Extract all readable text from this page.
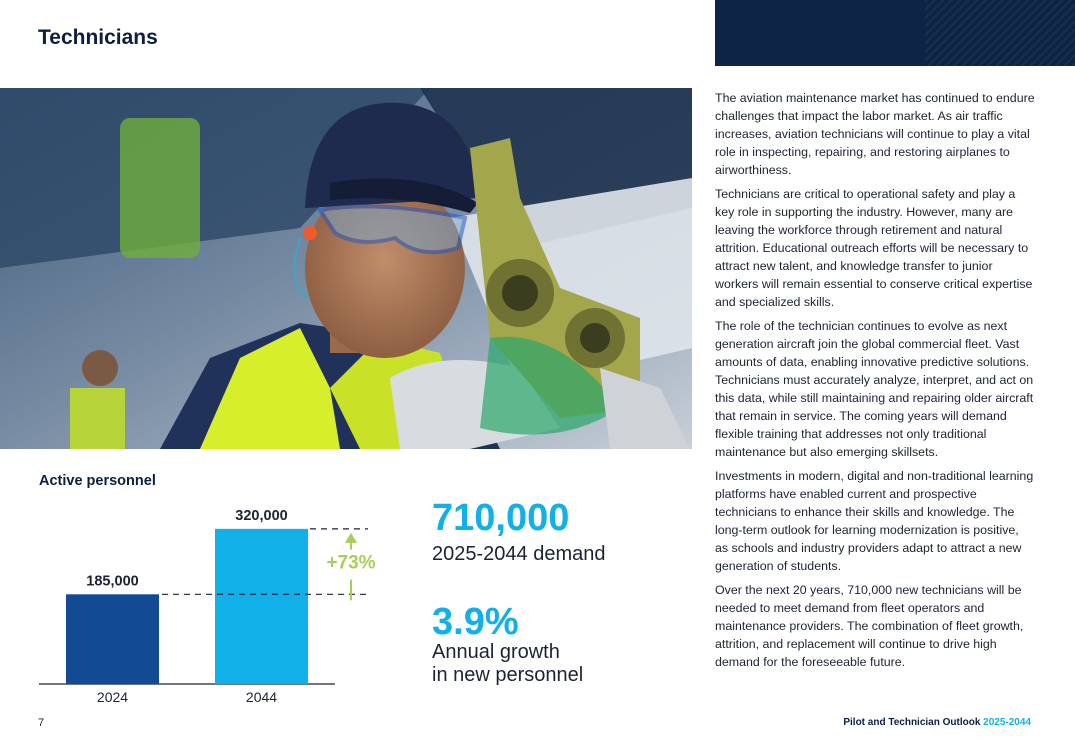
Technicians

The aviation maintenance market has continued to endure challenges that impact the labor market. As air traffic increases, aviation technicians will continue to play a vital role in inspecting, repairing, and restoring airplanes to airworthiness.

Technicians are critical to operational safety and play a key role in supporting the industry. However, many are leaving the workforce through retirement and natural attrition. Educational outreach efforts will be necessary to attract new talent, and knowledge transfer to junior workers will remain essential to conserve critical expertise and specialized skills.

The role of the technician continues to evolve as next generation aircraft join the global commercial fleet. Vast amounts of data, enabling innovative predictive solutions. Technicians must accurately analyze, interpret, and act on this data, while still maintaining and repairing older aircraft that remain in service. The coming years will demand flexible training that addresses not only traditional maintenance but also emerging skillsets.

Investments in modern, digital and non-traditional learning platforms have enabled current and prospective technicians to enhance their skills and knowledge. The long-term outlook for learning modernization is positive, as schools and industry providers adapt to attract a new generation of students.

Over the next 20 years, 710,000 new technicians will be needed to meet demand from fleet operators and maintenance providers. The combination of fleet growth, attrition, and replacement will continue to drive high demand for the foreseeable future.

Active personnel
185,000
320,000
2024	2044
+73%
710,000
2025-2044 demand
3.9%
Annual growth
in new personnel
7	Pilot and Technician Outlook 2025-2044
